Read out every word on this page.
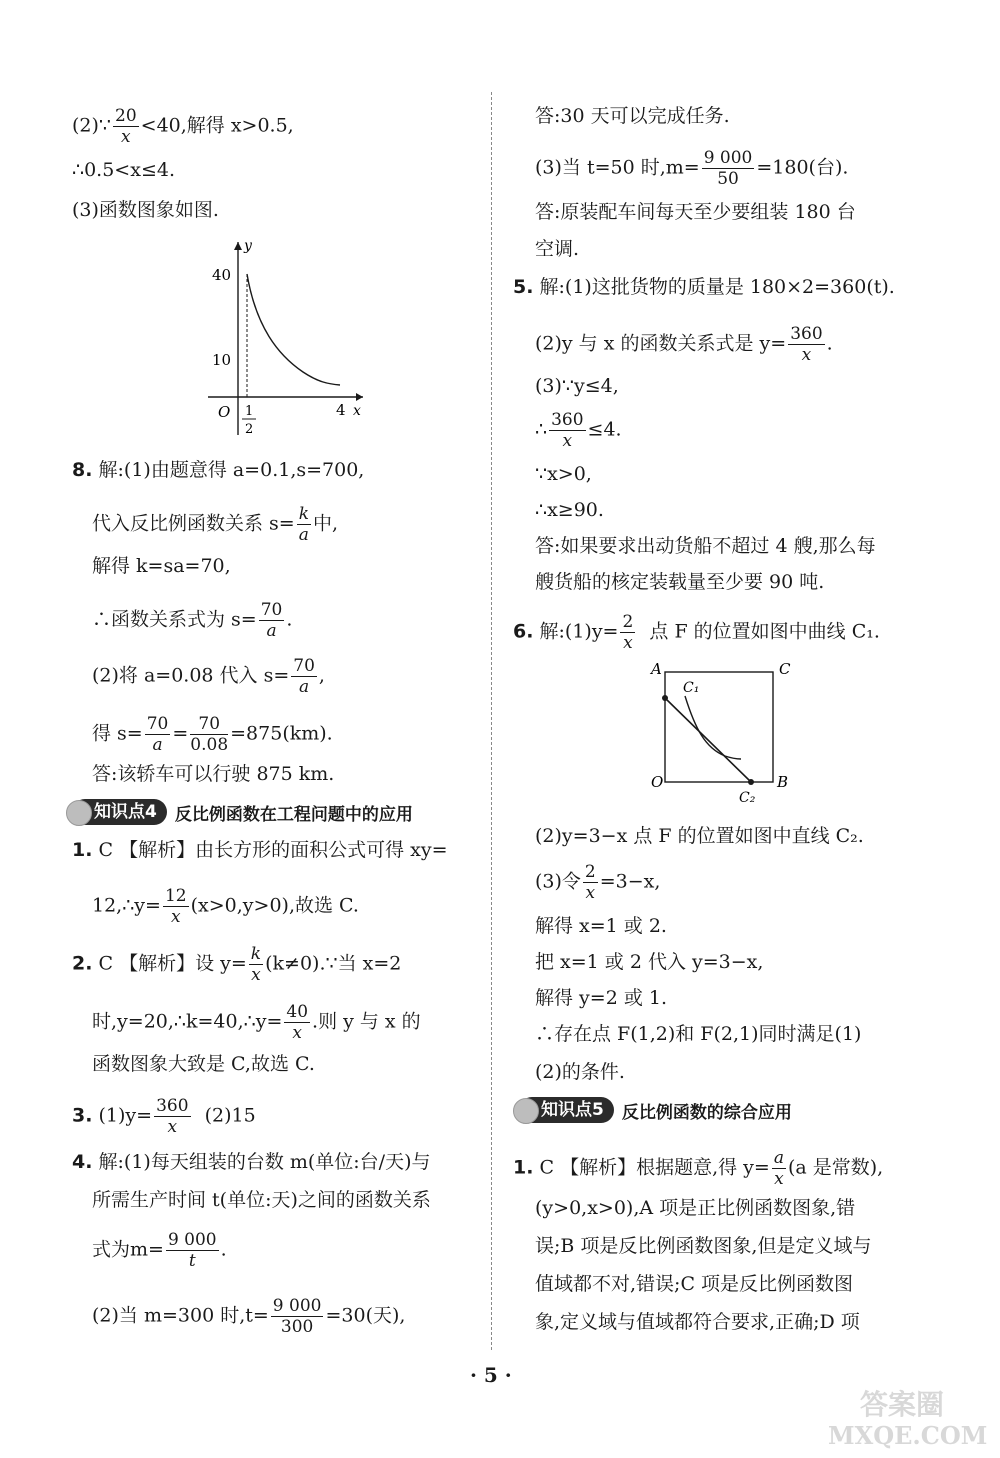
(2)∵ $\frac{20}{x} <40$,解得 x>0.5,
∴0.5<x≤4.
(3)函数图象如图.
y
x
O
40
10
1
2
4
8. 解:(1)由题意得 a=0.1,s=700,
代入反比例函数关系 $s= \frac{k}{a}$ 中,
解得 k=sa=70,
∴函数关系式为 $s= \frac{70}{a}$ .
(2)将 a=0.08 代入 $s= \frac{70}{a}$ ,
得 $s= \frac{70}{a} = \frac{70}{0.08} =875(km)$.
答:该轿车可以行驶 875 km.
知识点4 反比例函数在工程问题中的应用
1. C 【解析】由长方形的面积公式可得 xy=
12,∴y= $\frac{12}{x} (x>0,y>0)$,故选 C.
2. C 【解析】设 $y= \frac{k}{x}$ (k≠0).∵当 x=2
时,y=20,∴k=40,∴y= $\frac{40}{x}$ .则 y 与 x 的
函数图象大致是 C,故选 C.
3. $(1)y= \frac{360}{x} (2)15$
4. 解:(1)每天组装的台数 m(单位:台/天)与
所需生产时间 t(单位:天)之间的函数关系
式为$m= \frac{9 000}{t}$ .
(2)当 m=300 时$,t= \frac{9 000}{300} =30$(天),
答:30 天可以完成任务.
(3)当 t=50 时$,m= \frac{9 000}{50} =180$(台).
答:原装配车间每天至少要组装 180 台
空调.
5. 解:(1)这批货物的质量是 180×2=360(t).
(2)y 与 x 的函数关系式是 $y= \frac{360}{x}$ .
(3)∵y≤4,
∴ $\frac{360}{x} \le 4$.
∵x>0,
∴x≥90.
答:如果要求出动货船不超过 4 艘,那么每
艘货船的核定装载量至少要 90 吨.
6. 解:(1)y= $\frac{2}{x}$ 点 F 的位置如图中曲线 C₁.
A	C
O	B
C₁
C₂
(2)y=3−x 点 F 的位置如图中直线 C₂.
(3)令 $\frac{2}{x} =3-x$,
解得 x=1 或 2.
把 x=1 或 2 代入 y=3−x,
解得 y=2 或 1.
∴存在点 F(1,2)和 F(2,1)同时满足(1)
(2)的条件.
知识点5 反比例函数的综合应用
1. C 【解析】根据题意,得 $y= \frac{a}{x} (a$ 是常数),
(y>0,x>0),A 项是正比例函数图象,错
误;B 项是反比例函数图象,但是定义域与
值域都不对,错误;C 项是反比例函数图
象,定义域与值域都符合要求,正确;D 项
· 5 ·
答案圈
MXQE.COM
